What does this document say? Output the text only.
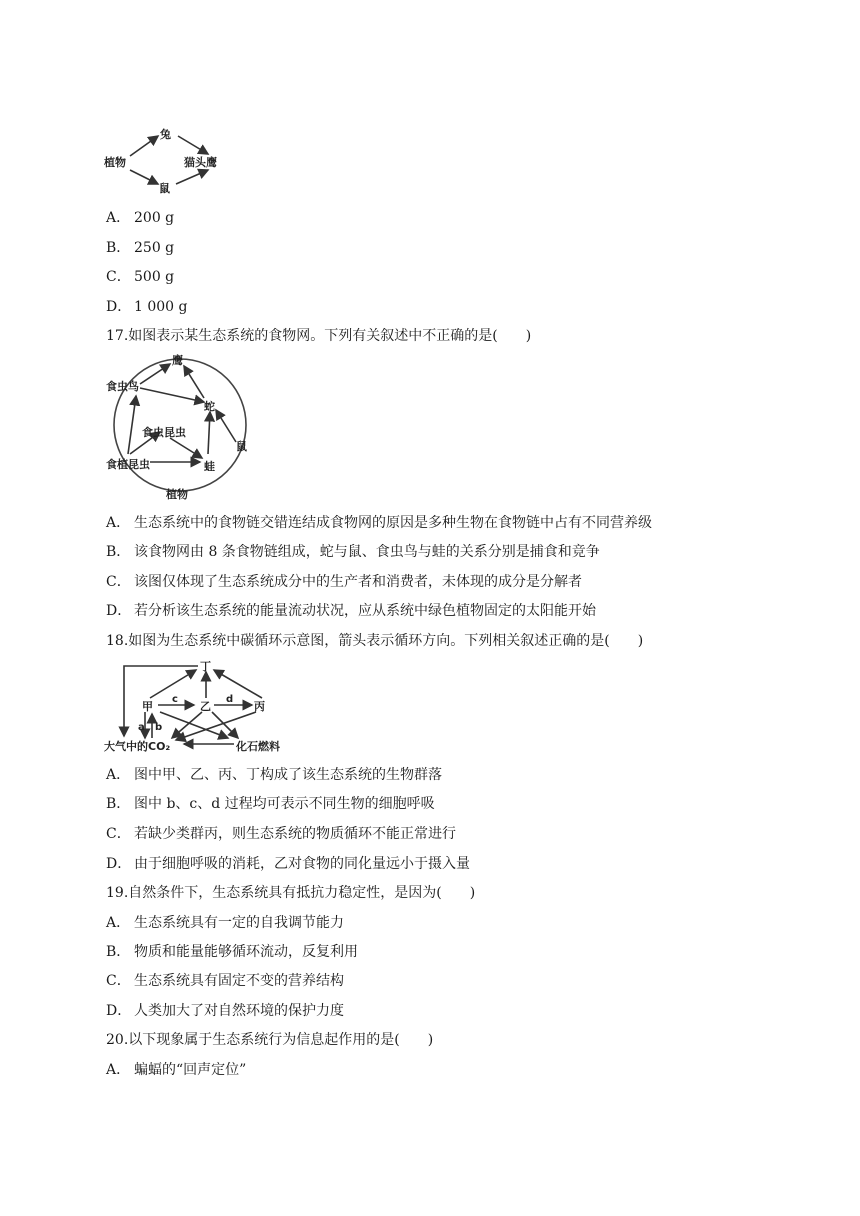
兔
植物	猫头鹰
鼠
A． 200 g
B． 250 g
C． 500 g
D． 1 000 g
17.如图表示某生态系统的食物网。下列有关叙述中不正确的是(　　)
鹰
食虫鸟
蛇
食虫昆虫
鼠
食植昆虫	蛙
植物
A． 生态系统中的食物链交错连结成食物网的原因是多种生物在食物链中占有不同营养级
B． 该食物网由 8 条食物链组成，蛇与鼠、食虫鸟与蛙的关系分别是捕食和竞争
C． 该图仅体现了生态系统成分中的生产者和消费者，未体现的成分是分解者
D． 若分析该生态系统的能量流动状况，应从系统中绿色植物固定的太阳能开始
18.如图为生态系统中碳循环示意图，箭头表示循环方向。下列相关叙述正确的是(　　)
丁
甲	乙	丙
c	d
a b
大气中的CO₂	化石燃料
A． 图中甲、乙、丙、丁构成了该生态系统的生物群落
B． 图中 b、c、d 过程均可表示不同生物的细胞呼吸
C． 若缺少类群丙，则生态系统的物质循环不能正常进行
D． 由于细胞呼吸的消耗，乙对食物的同化量远小于摄入量
19.自然条件下，生态系统具有抵抗力稳定性，是因为(　　)
A． 生态系统具有一定的自我调节能力
B． 物质和能量能够循环流动，反复利用
C． 生态系统具有固定不变的营养结构
D． 人类加大了对自然环境的保护力度
20.以下现象属于生态系统行为信息起作用的是(　　)
A． 蝙蝠的“回声定位”
